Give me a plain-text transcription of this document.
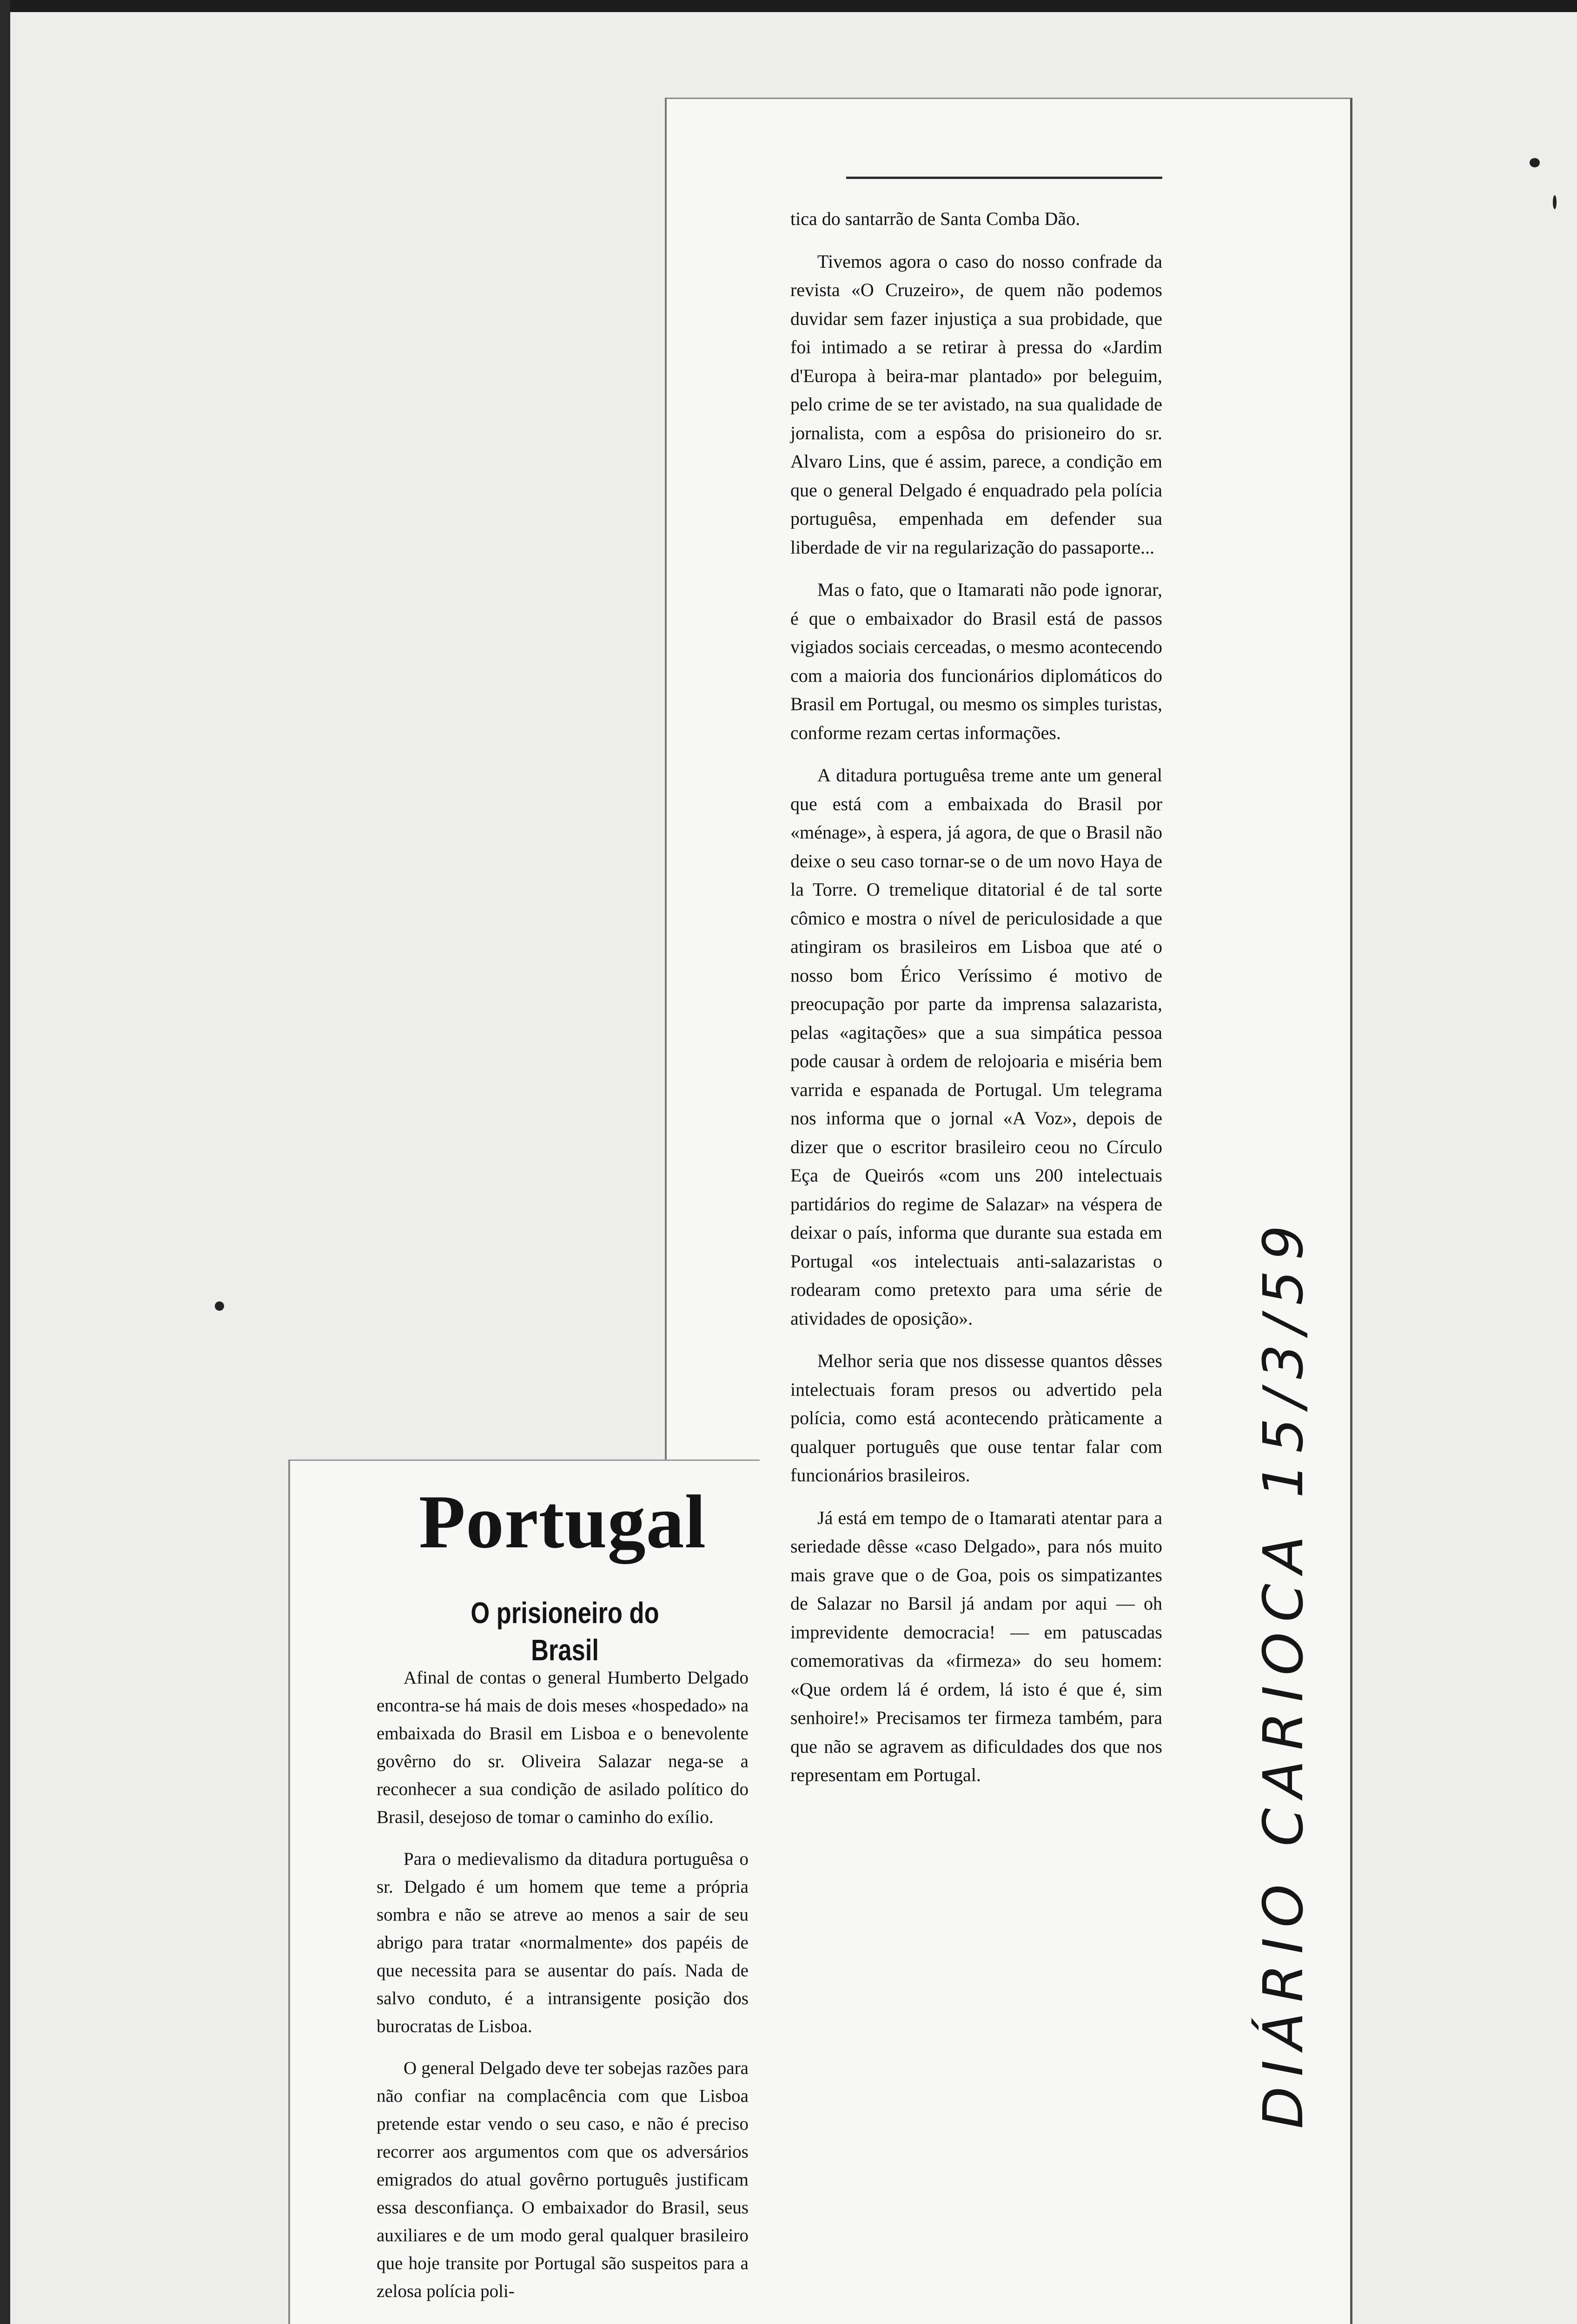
tica do santarrão de Santa Comba Dão.

Tivemos agora o caso do nosso confrade da revista «O Cruzeiro», de quem não podemos duvidar sem fazer injustiça a sua probidade, que foi intimado a se retirar à pressa do «Jardim d'Europa à beira-mar plantado» por beleguim, pelo crime de se ter avistado, na sua qualidade de jornalista, com a espôsa do prisioneiro do sr. Alvaro Lins, que é assim, parece, a condição em que o general Delgado é enquadrado pela polícia portuguêsa, empenhada em defender sua liberdade de vir na regularização do passaporte...

Mas o fato, que o Itamarati não pode ignorar, é que o embaixador do Brasil está de passos vigiados sociais cerceadas, o mesmo acontecendo com a maioria dos funcionários diplomáticos do Brasil em Portugal, ou mesmo os simples turistas, conforme rezam certas informações.

A ditadura portuguêsa treme ante um general que está com a embaixada do Brasil por «ménage», à espera, já agora, de que o Brasil não deixe o seu caso tornar-se o de um novo Haya de la Torre. O tremelique ditatorial é de tal sorte cômico e mostra o nível de periculosidade a que atingiram os brasileiros em Lisboa que até o nosso bom Érico Veríssimo é motivo de preocupação por parte da imprensa salazarista, pelas «agitações» que a sua simpática pessoa pode causar à ordem de relojoaria e miséria bem varrida e espanada de Portugal. Um telegrama nos informa que o jornal «A Voz», depois de dizer que o escritor brasileiro ceou no Círculo Eça de Queirós «com uns 200 intelectuais partidários do regime de Salazar» na véspera de deixar o país, informa que durante sua estada em Portugal «os intelectuais anti-salazaristas o rodearam como pretexto para uma série de atividades de oposição».

Melhor seria que nos dissesse quantos dêsses intelectuais foram presos ou advertido pela polícia, como está acontecendo pràticamente a qualquer português que ouse tentar falar com funcionários brasileiros.

Já está em tempo de o Itamarati atentar para a seriedade dêsse «caso Delgado», para nós muito mais grave que o de Goa, pois os simpatizantes de Salazar no Barsil já andam por aqui — oh imprevidente democracia! — em patuscadas comemorativas da «firmeza» do seu homem: «Que ordem lá é ordem, lá isto é que é, sim senhoire!» Precisamos ter firmeza também, para que não se agravem as dificuldades dos que nos representam em Portugal.

Portugal
O prisioneiro do Brasil

Afinal de contas o general Humberto Delgado encontra-se há mais de dois meses «hospedado» na embaixada do Brasil em Lisboa e o benevolente govêrno do sr. Oliveira Salazar nega-se a reconhecer a sua condição de asilado político do Brasil, desejoso de tomar o caminho do exílio.

Para o medievalismo da ditadura portuguêsa o sr. Delgado é um homem que teme a própria sombra e não se atreve ao menos a sair de seu abrigo para tratar «normalmente» dos papéis de que necessita para se ausentar do país. Nada de salvo conduto, é a intransigente posição dos burocratas de Lisboa.

O general Delgado deve ter sobejas razões para não confiar na complacência com que Lisboa pretende estar vendo o seu caso, e não é preciso recorrer aos argumentos com que os adversários emigrados do atual govêrno português justificam essa desconfiança. O embaixador do Brasil, seus auxiliares e de um modo geral qualquer brasileiro que hoje transite por Portugal são suspeitos para a zelosa polícia poli-

DIÁRIO CARIOCA 15/3/59
